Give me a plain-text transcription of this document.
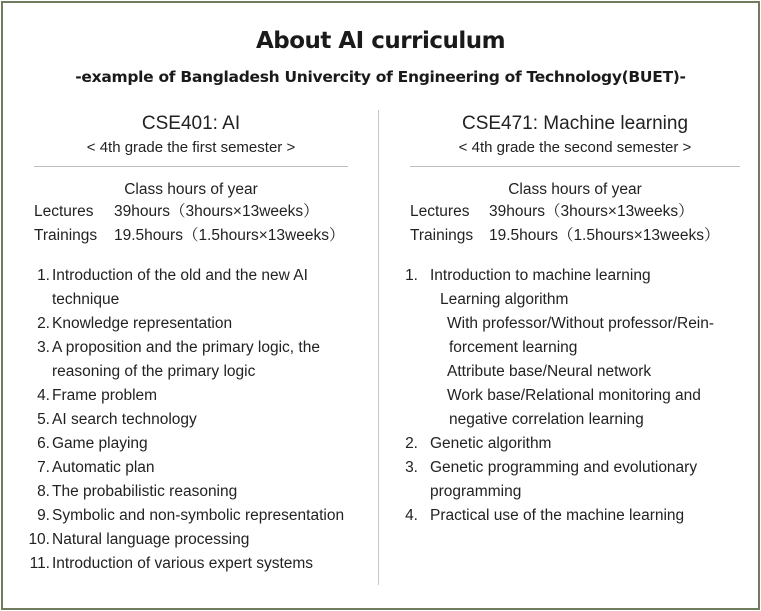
About AI curriculum
-example of Bangladesh Univercity of Engineering of Technology(BUET)-
CSE401: AI
< 4th grade the first semester >
Class hours of year
Lectures 39hours（3hours×13weeks）
Trainings 19.5hours（1.5hours×13weeks）
1. Introduction of the old and the new AI
technique
2. Knowledge representation
3. A proposition and the primary logic, the
reasoning of the primary logic
4. Frame problem
5. AI search technology
6. Game playing
7. Automatic plan
8. The probabilistic reasoning
9. Symbolic and non-symbolic representation
10. Natural language processing
11. Introduction of various expert systems
CSE471: Machine learning
< 4th grade the second semester >
Class hours of year
Lectures 39hours（3hours×13weeks）
Trainings 19.5hours（1.5hours×13weeks）
1. Introduction to machine learning
Learning algorithm
With professor/Without professor/Rein-
forcement learning
Attribute base/Neural network
Work base/Relational monitoring and
negative correlation learning
2. Genetic algorithm
3. Genetic programming and evolutionary
programming
4. Practical use of the machine learning
